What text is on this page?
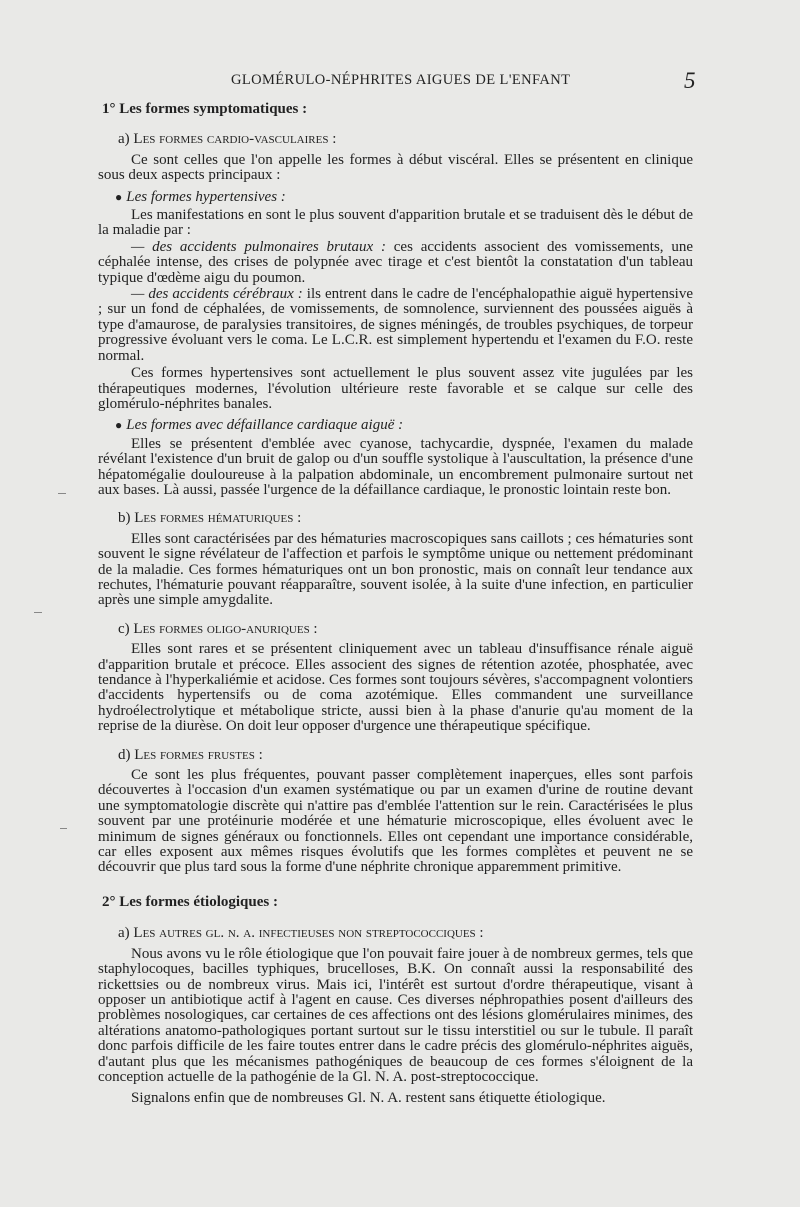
GLOMÉRULO-NÉPHRITES AIGUES DE L'ENFANT	5
1° Les formes symptomatiques :
a) Les formes cardio-vasculaires :

Ce sont celles que l'on appelle les formes à début viscéral. Elles se présentent en clinique sous deux aspects principaux :

● Les formes hypertensives :

Les manifestations en sont le plus souvent d'apparition brutale et se traduisent dès le début de la maladie par :

— des accidents pulmonaires brutaux : ces accidents associent des vomissements, une céphalée intense, des crises de polypnée avec tirage et c'est bientôt la constatation d'un tableau typique d'œdème aigu du poumon.

— des accidents cérébraux : ils entrent dans le cadre de l'encéphalopathie aiguë hypertensive ; sur un fond de céphalées, de vomissements, de somnolence, surviennent des poussées aiguës à type d'amaurose, de paralysies transitoires, de signes méningés, de troubles psychiques, de torpeur progressive évoluant vers le coma. Le L.C.R. est simplement hypertendu et l'examen du F.O. reste normal.

Ces formes hypertensives sont actuellement le plus souvent assez vite jugulées par les thérapeutiques modernes, l'évolution ultérieure reste favorable et se calque sur celle des glomérulo-néphrites banales.

● Les formes avec défaillance cardiaque aiguë :

Elles se présentent d'emblée avec cyanose, tachycardie, dyspnée, l'examen du malade révélant l'existence d'un bruit de galop ou d'un souffle systolique à l'auscultation, la présence d'une hépatomégalie douloureuse à la palpation abdominale, un encombrement pulmonaire surtout net aux bases. Là aussi, passée l'urgence de la défaillance cardiaque, le pronostic lointain reste bon.

b) Les formes hématuriques :

Elles sont caractérisées par des hématuries macroscopiques sans caillots ; ces hématuries sont souvent le signe révélateur de l'affection et parfois le symptôme unique ou nettement prédominant de la maladie. Ces formes hématuriques ont un bon pronostic, mais on connaît leur tendance aux rechutes, l'hématurie pouvant réapparaître, souvent isolée, à la suite d'une infection, en particulier après une simple amygdalite.

c) Les formes oligo-anuriques :

Elles sont rares et se présentent cliniquement avec un tableau d'insuffisance rénale aiguë d'apparition brutale et précoce. Elles associent des signes de rétention azotée, phosphatée, avec tendance à l'hyperkaliémie et acidose. Ces formes sont toujours sévères, s'accompagnent volontiers d'accidents hypertensifs ou de coma azotémique. Elles commandent une surveillance hydroélectrolytique et métabolique stricte, aussi bien à la phase d'anurie qu'au moment de la reprise de la diurèse. On doit leur opposer d'urgence une thérapeutique spécifique.

d) Les formes frustes :

Ce sont les plus fréquentes, pouvant passer complètement inaperçues, elles sont parfois découvertes à l'occasion d'un examen systématique ou par un examen d'urine de routine devant une symptomatologie discrète qui n'attire pas d'emblée l'attention sur le rein. Caractérisées le plus souvent par une protéinurie modérée et une hématurie microscopique, elles évoluent avec le minimum de signes généraux ou fonctionnels. Elles ont cependant une importance considérable, car elles exposent aux mêmes risques évolutifs que les formes complètes et peuvent ne se découvrir que plus tard sous la forme d'une néphrite chronique apparemment primitive.

2° Les formes étiologiques :
a) Les autres gl. n. a. infectieuses non streptococciques :

Nous avons vu le rôle étiologique que l'on pouvait faire jouer à de nombreux germes, tels que staphylocoques, bacilles typhiques, brucelloses, B.K. On connaît aussi la responsabilité des rickettsies ou de nombreux virus. Mais ici, l'intérêt est surtout d'ordre thérapeutique, visant à opposer un antibiotique actif à l'agent en cause. Ces diverses néphropathies posent d'ailleurs des problèmes nosologiques, car certaines de ces affections ont des lésions glomérulaires minimes, des altérations anatomo-pathologiques portant surtout sur le tissu interstitiel ou sur le tubule. Il paraît donc parfois difficile de les faire toutes entrer dans le cadre précis des glomérulo-néphrites aiguës, d'autant plus que les mécanismes pathogéniques de beaucoup de ces formes s'éloignent de la conception actuelle de la pathogénie de la Gl. N. A. post-streptococcique.

Signalons enfin que de nombreuses Gl. N. A. restent sans étiquette étiologique.
